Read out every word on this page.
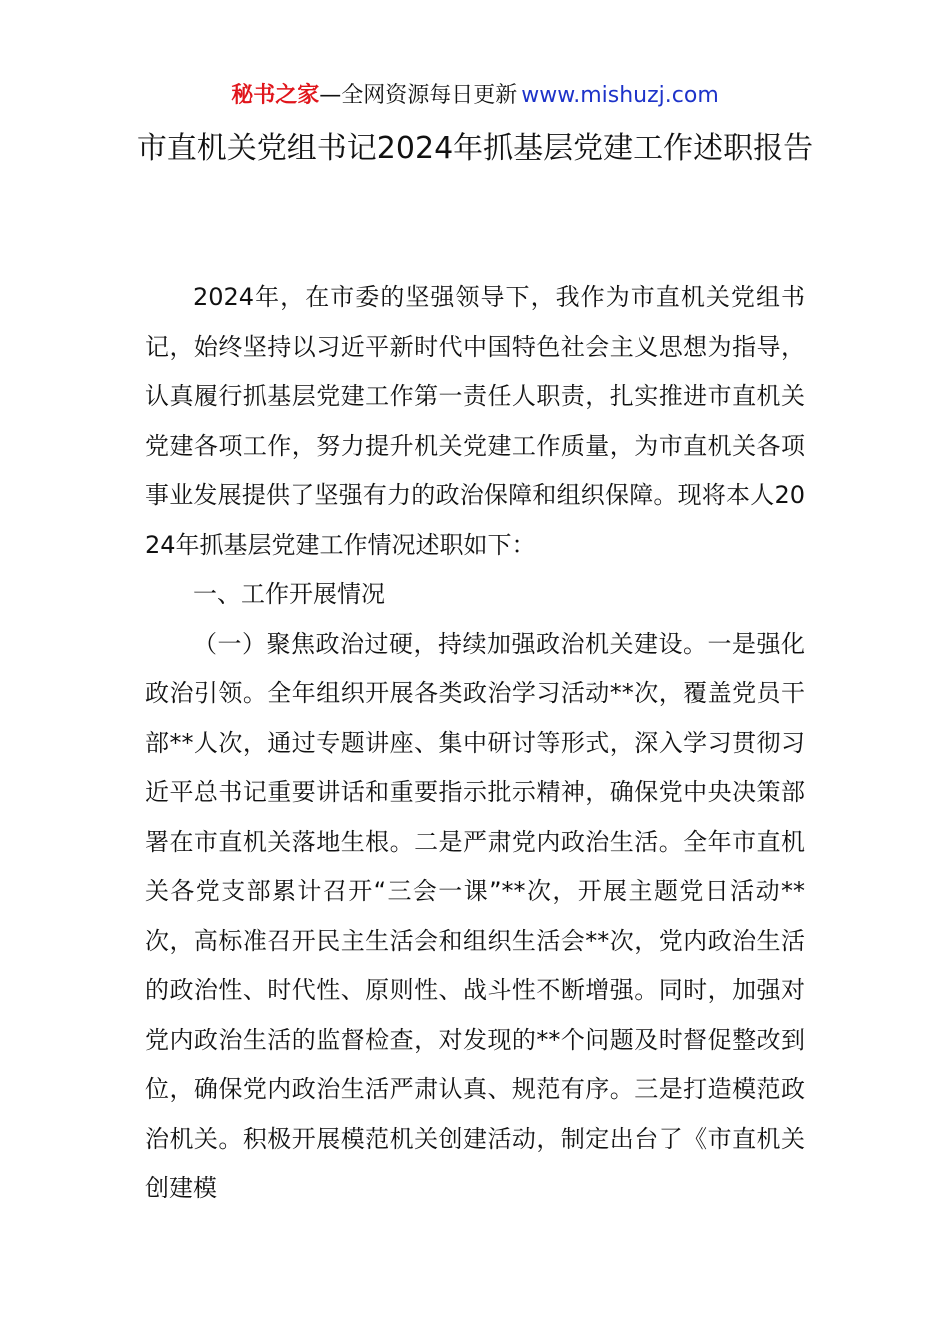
秘书之家—全网资源每日更新 www.mishuzj.com
市直机关党组书记2024年抓基层党建工作述职报告

2024年，在市委的坚强领导下，我作为市直机关党组书记，始终坚持以习近平新时代中国特色社会主义思想为指导，认真履行抓基层党建工作第一责任人职责，扎实推进市直机关党建各项工作，努力提升机关党建工作质量，为市直机关各项事业发展提供了坚强有力的政治保障和组织保障。现将本人2024年抓基层党建工作情况述职如下：

一、工作开展情况

（一）聚焦政治过硬，持续加强政治机关建设。一是强化政治引领。全年组织开展各类政治学习活动**次，覆盖党员干部**人次，通过专题讲座、集中研讨等形式，深入学习贯彻习近平总书记重要讲话和重要指示批示精神，确保党中央决策部署在市直机关落地生根。二是严肃党内政治生活。全年市直机关各党支部累计召开“三会一课”**次，开展主题党日活动**次，高标准召开民主生活会和组织生活会**次，党内政治生活的政治性、时代性、原则性、战斗性不断增强。同时，加强对党内政治生活的监督检查，对发现的**个问题及时督促整改到位，确保党内政治生活严肃认真、规范有序。三是打造模范政治机关。积极开展模范机关创建活动，制定出台了《市直机关创建模
